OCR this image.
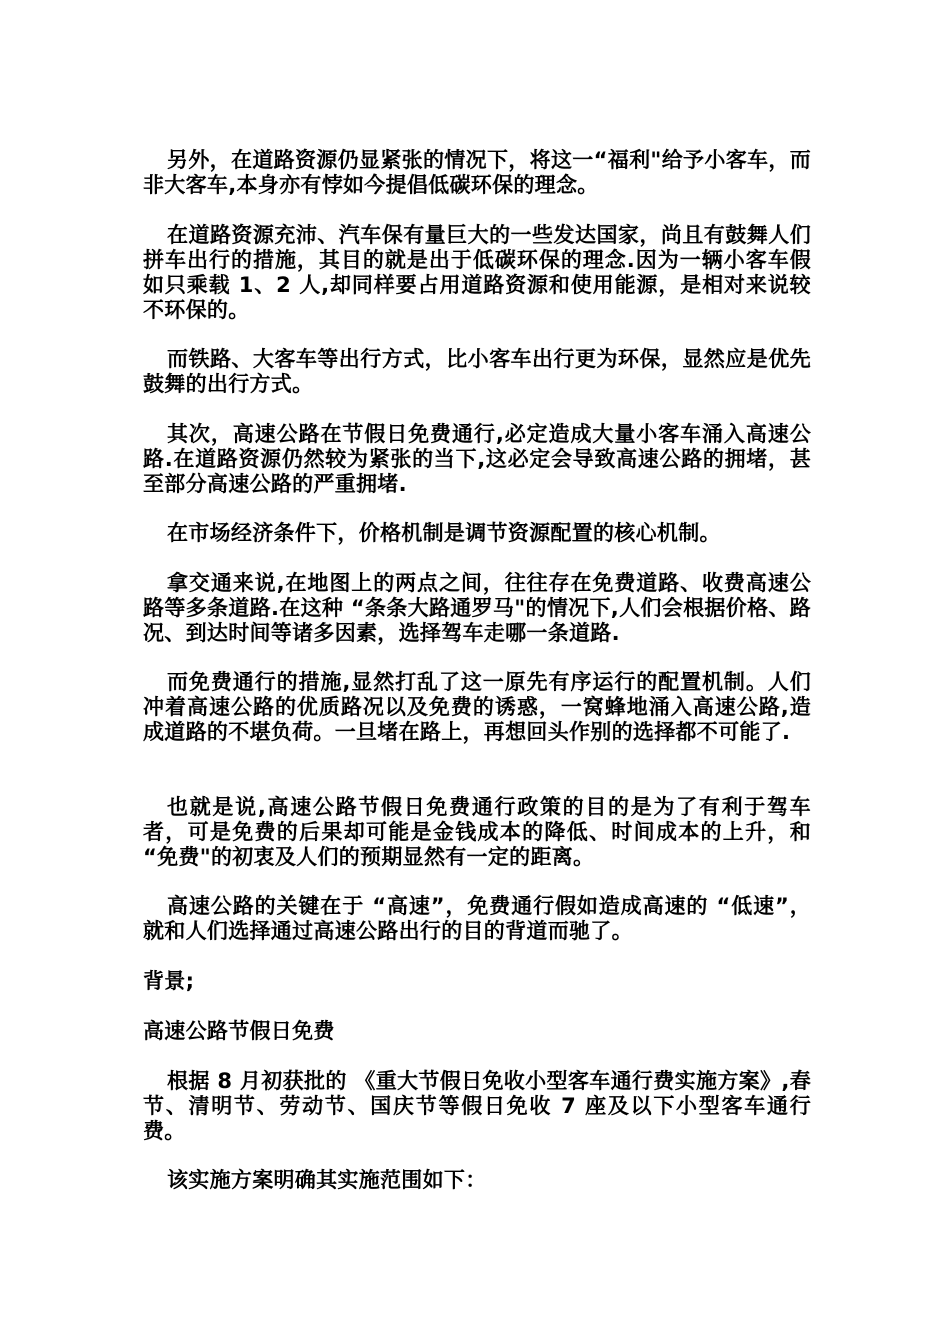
另外，在道路资源仍显紧张的情况下，将这一“福利"给予小客车，而非大客车,本身亦有悖如今提倡低碳环保的理念。

在道路资源充沛、汽车保有量巨大的一些发达国家，尚且有鼓舞人们拼车出行的措施，其目的就是出于低碳环保的理念.因为一辆小客车假如只乘载 1、2 人,却同样要占用道路资源和使用能源，是相对来说较不环保的。

而铁路、大客车等出行方式，比小客车出行更为环保，显然应是优先鼓舞的出行方式。

其次，高速公路在节假日免费通行,必定造成大量小客车涌入高速公路.在道路资源仍然较为紧张的当下,这必定会导致高速公路的拥堵，甚至部分高速公路的严重拥堵.

在市场经济条件下，价格机制是调节资源配置的核心机制。

拿交通来说,在地图上的两点之间，往往存在免费道路、收费高速公路等多条道路.在这种 “条条大路通罗马"的情况下,人们会根据价格、路况、到达时间等诸多因素，选择驾车走哪一条道路.

而免费通行的措施,显然打乱了这一原先有序运行的配置机制。人们冲着高速公路的优质路况以及免费的诱惑，一窝蜂地涌入高速公路,造成道路的不堪负荷。一旦堵在路上，再想回头作别的选择都不可能了.

也就是说,高速公路节假日免费通行政策的目的是为了有利于驾车者，可是免费的后果却可能是金钱成本的降低、时间成本的上升，和 “免费"的初衷及人们的预期显然有一定的距离。

高速公路的关键在于 “高速”，免费通行假如造成高速的 “低速”，就和人们选择通过高速公路出行的目的背道而驰了。

背景;

高速公路节假日免费

根据 8 月初获批的 《重大节假日免收小型客车通行费实施方案》,春节、清明节、劳动节、国庆节等假日免收 7 座及以下小型客车通行费。

该实施方案明确其实施范围如下：
